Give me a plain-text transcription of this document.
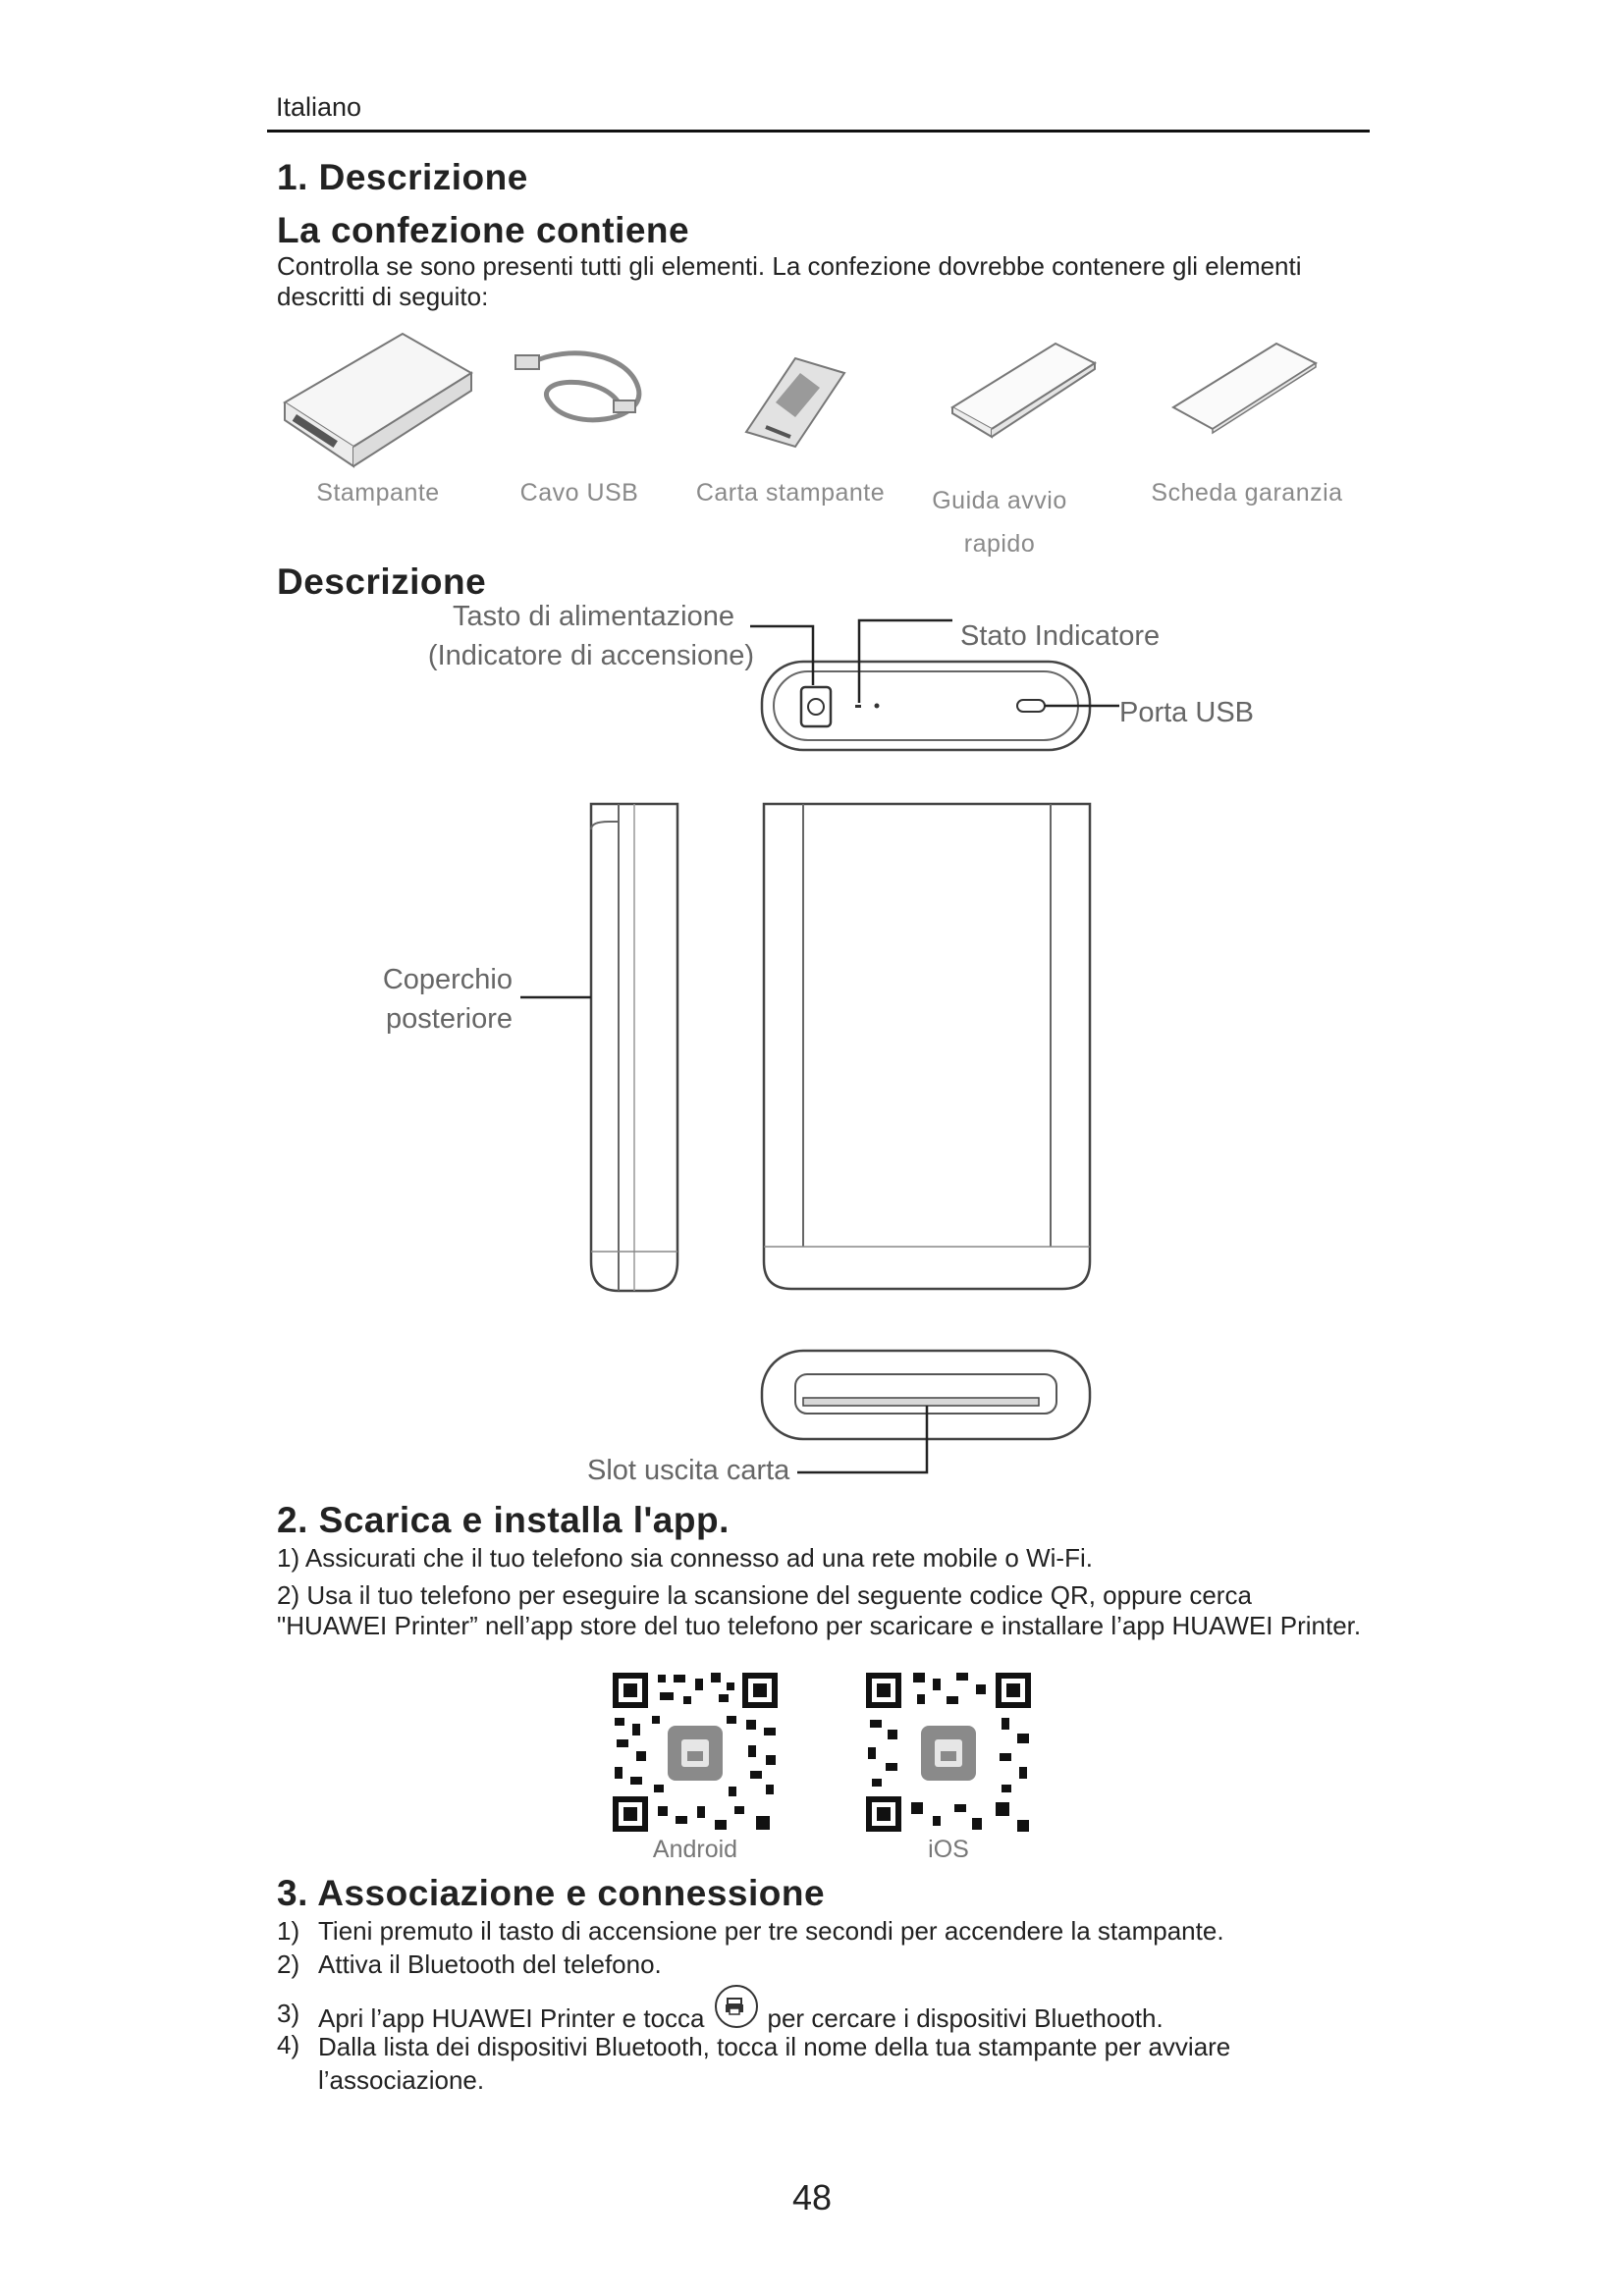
Italiano
1. Descrizione
La confezione contiene
Controlla se sono presenti tutti gli elementi. La confezione dovrebbe contenere gli elementi descritti di seguito:
Stampante	Cavo USB	Carta stampante	Guida avvio rapido
Scheda garanzia
Descrizione
Tasto di alimentazione
(Indicatore di accensione)
Stato Indicatore
Porta USB
Coperchio
posteriore
Slot uscita carta
2. Scarica e installa l'app.
1) Assicurati che il tuo telefono sia connesso ad una rete mobile o Wi-Fi.
2) Usa il tuo telefono per eseguire la scansione del seguente codice QR, oppure cerca "HUAWEI Printer” nell’app store del tuo telefono per scaricare e installare l’app HUAWEI Printer.
Android	iOS
3. Associazione e connessione
1) Tieni premuto il tasto di accensione per tre secondi per accendere la stampante.
2) Attiva il Bluetooth del telefono.
3) Apri l’app HUAWEI Printer e tocca per cercare i dispositivi Bluethooth.
4) Dalla lista dei dispositivi Bluetooth, tocca il nome della tua stampante per avviare l’associazione.
48
